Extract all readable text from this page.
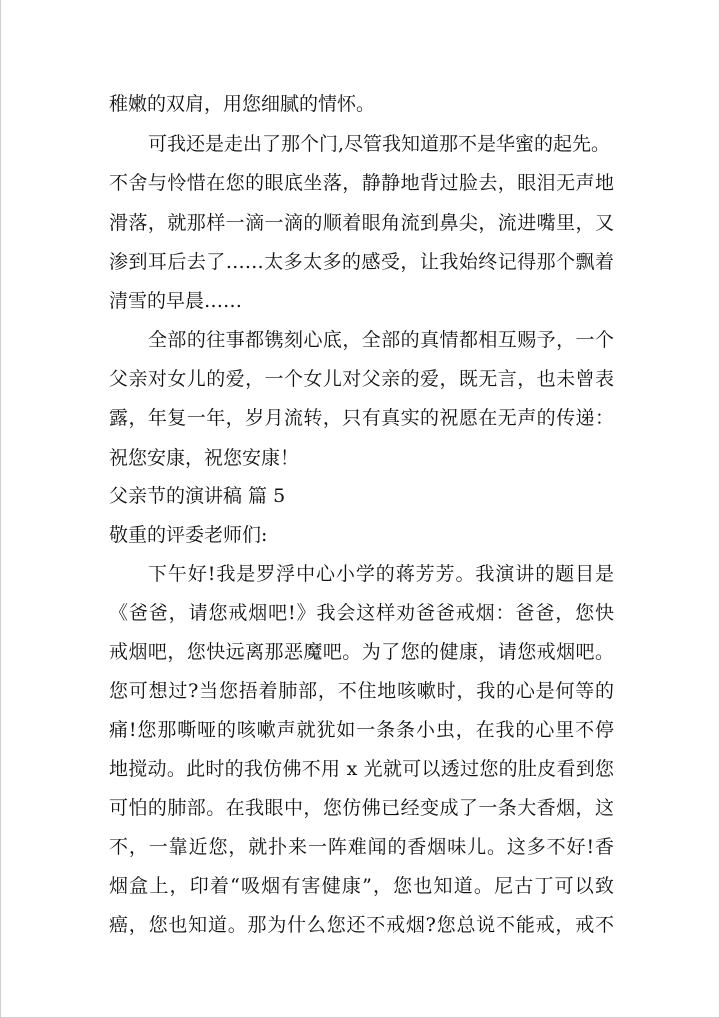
稚嫩的双肩，用您细腻的情怀。
可我还是走出了那个门,尽管我知道那不是华蜜的起先。
不舍与怜惜在您的眼底坐落，静静地背过脸去，眼泪无声地
滑落，就那样一滴一滴的顺着眼角流到鼻尖，流进嘴里，又
渗到耳后去了……太多太多的感受，让我始终记得那个飘着
清雪的早晨……
全部的往事都镌刻心底，全部的真情都相互赐予，一个
父亲对女儿的爱，一个女儿对父亲的爱，既无言，也未曾表
露，年复一年，岁月流转，只有真实的祝愿在无声的传递：
祝您安康，祝您安康！
父亲节的演讲稿 篇 5
敬重的评委老师们:
下午好!我是罗浮中心小学的蒋芳芳。我演讲的题目是
《爸爸，请您戒烟吧!》我会这样劝爸爸戒烟：爸爸，您快
戒烟吧，您快远离那恶魔吧。为了您的健康，请您戒烟吧。
您可想过?当您捂着肺部，不住地咳嗽时，我的心是何等的
痛!您那嘶哑的咳嗽声就犹如一条条小虫，在我的心里不停
地搅动。此时的我仿佛不用 x 光就可以透过您的肚皮看到您
可怕的肺部。在我眼中，您仿佛已经变成了一条大香烟，这
不，一靠近您，就扑来一阵难闻的香烟味儿。这多不好!香
烟盒上，印着“吸烟有害健康”，您也知道。尼古丁可以致
癌，您也知道。那为什么您还不戒烟?您总说不能戒，戒不
